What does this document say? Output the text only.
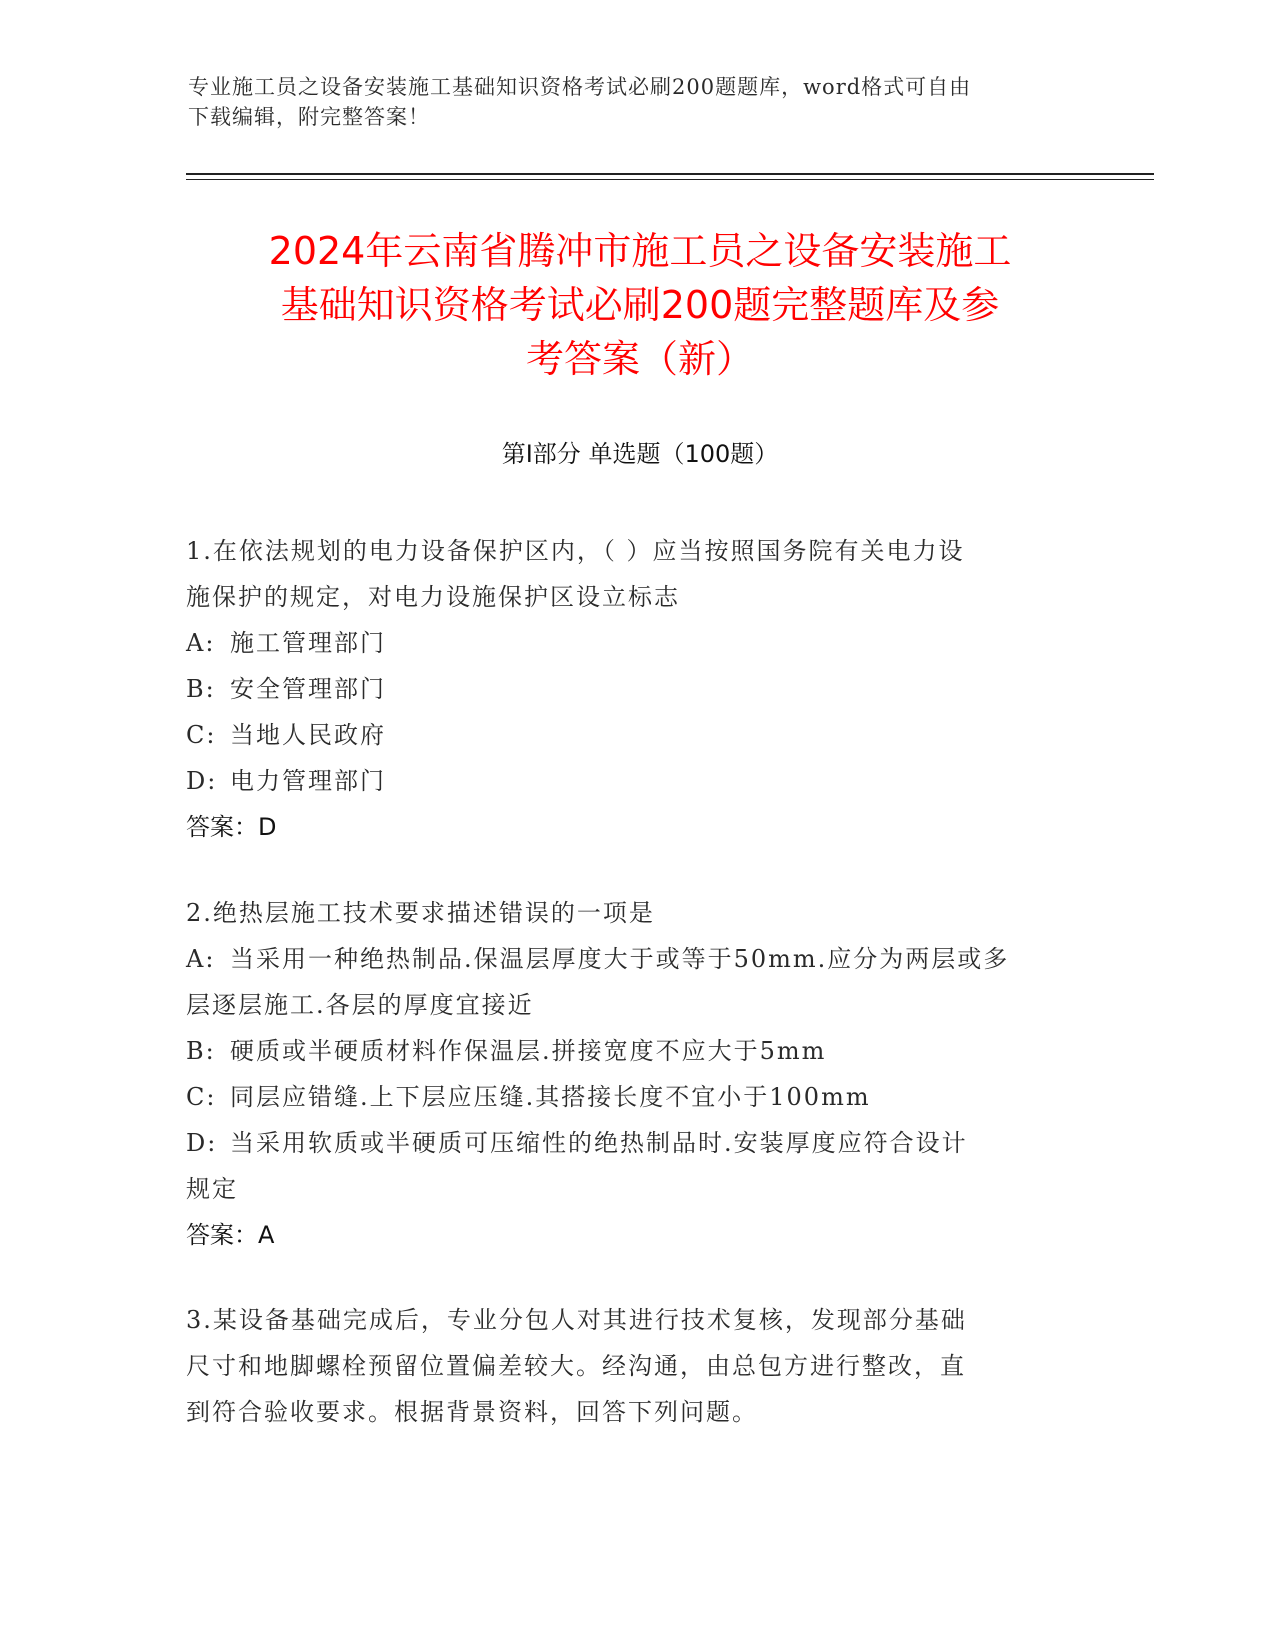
专业施工员之设备安装施工基础知识资格考试必刷200题题库，word格式可自由
下载编辑，附完整答案！
2024年云南省腾冲市施工员之设备安装施工
基础知识资格考试必刷200题完整题库及参
考答案（新）
第I部分 单选题（100题）

1.在依法规划的电力设备保护区内，（ ）应当按照国务院有关电力设

施保护的规定，对电力设施保护区设立标志

A: 施工管理部门

B: 安全管理部门

C: 当地人民政府

D: 电力管理部门

答案：D

2.绝热层施工技术要求描述错误的一项是

A: 当采用一种绝热制品.保温层厚度大于或等于50mm.应分为两层或多

层逐层施工.各层的厚度宜接近

B: 硬质或半硬质材料作保温层.拼接宽度不应大于5mm

C: 同层应错缝.上下层应压缝.其搭接长度不宜小于100mm

D: 当采用软质或半硬质可压缩性的绝热制品时.安装厚度应符合设计

规定

答案：A

3.某设备基础完成后，专业分包人对其进行技术复核，发现部分基础

尺寸和地脚螺栓预留位置偏差较大。经沟通，由总包方进行整改，直

到符合验收要求。根据背景资料，回答下列问题。
